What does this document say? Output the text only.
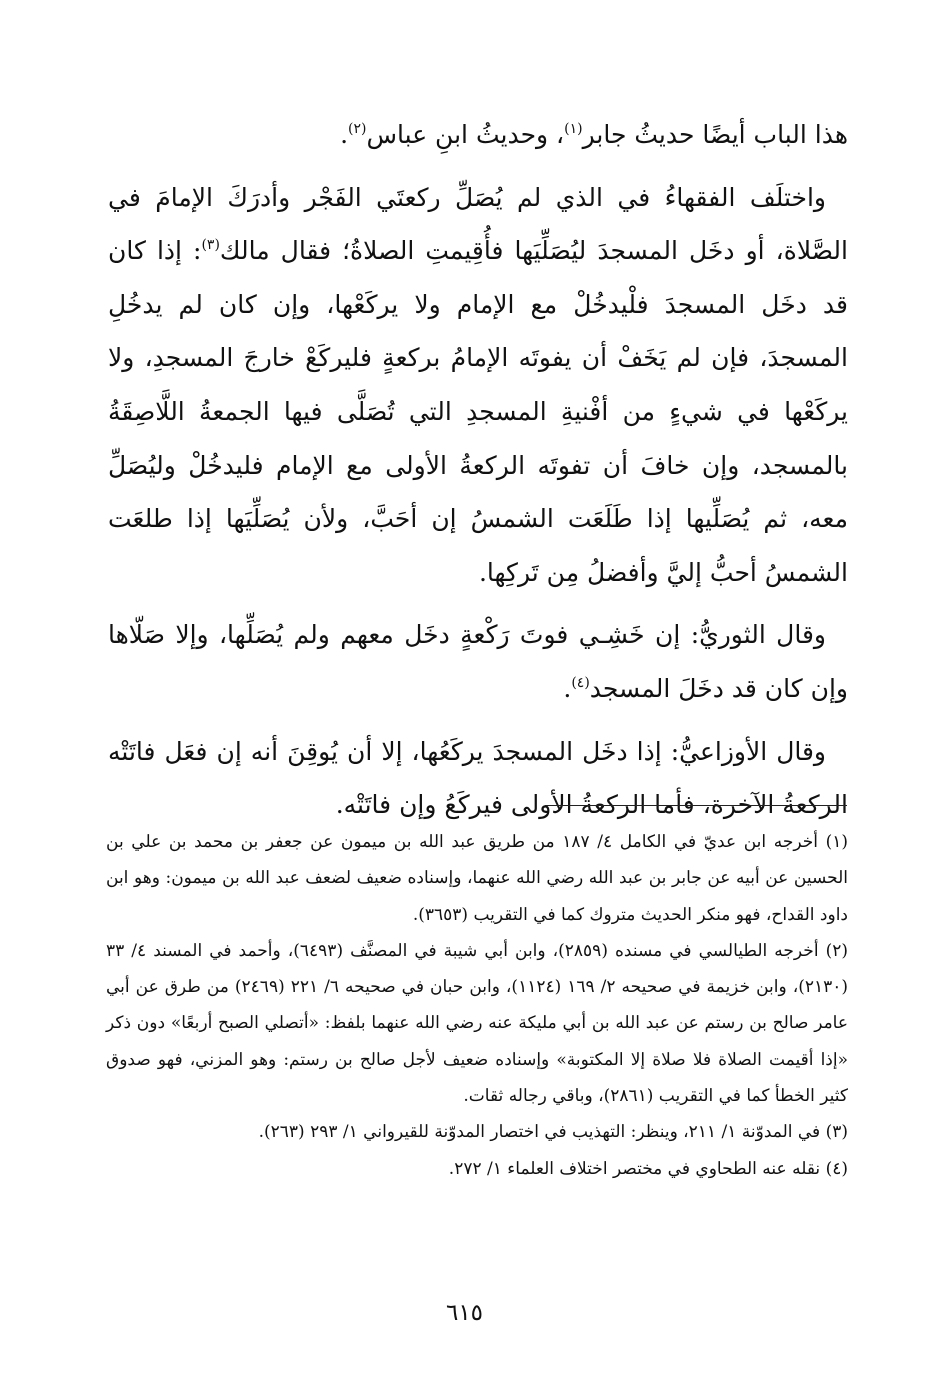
هذا الباب أيضًا حديثُ جابر$^{(١)}$، وحديثُ ابنِ عباس$^{(٢)}$.

واختلَف الفقهاءُ في الذي لم يُصَلِّ ركعتَي الفَجْر وأدرَكَ الإمامَ في الصَّلاة، أو دخَل المسجدَ ليُصَلِّيَها فأُقِيمتِ الصلاةُ؛ فقال مالك$^{(٣)}$: إذا كان قد دخَل المسجدَ فلْيدخُلْ مع الإمام ولا يركَعْها، وإن كان لم يدخُلِ المسجدَ، فإن لم يَخَفْ أن يفوتَه الإمامُ بركعةٍ فليركَعْ خارجَ المسجدِ، ولا يركَعْها في شيءٍ من أفْنيةِ المسجدِ التي تُصَلَّى فيها الجمعةُ اللَّاصِقَةُ بالمسجد، وإن خافَ أن تفوتَه الركعةُ الأولى مع الإمام فليدخُلْ وليُصَلِّ معه، ثم يُصَلِّيها إذا طَلَعَت الشمسُ إن أحَبَّ، ولأن يُصَلِّيَها إذا طلعَت الشمسُ أحبُّ إليَّ وأفضلُ مِن تَركِها.

وقال الثوريُّ: إن خَشِـي فوتَ رَكْعةٍ دخَل معهم ولم يُصَلِّها، وإلا صَلّاها وإن كان قد دخَلَ المسجد$^{(٤)}$.

وقال الأوزاعيُّ: إذا دخَل المسجدَ يركَعُها، إلا أن يُوقِنَ أنه إن فعَل فاتَتْه الركعةُ الآخرة، فأما الركعةُ الأولى فيركَعُ وإن فاتَتْه.

(١) أخرجه ابن عديّ في الكامل ٤/ ١٨٧ من طريق عبد الله بن ميمون عن جعفر بن محمد بن علي بن الحسين عن أبيه عن جابر بن عبد الله رضي الله عنهما، وإسناده ضعيف لضعف عبد الله بن ميمون: وهو ابن داود القداح، فهو منكر الحديث متروك كما في التقريب (٣٦٥٣).

(٢) أخرجه الطيالسي في مسنده (٢٨٥٩)، وابن أبي شيبة في المصنَّف (٦٤٩٣)، وأحمد في المسند ٤/ ٣٣ (٢١٣٠)، وابن خزيمة في صحيحه ٢/ ١٦٩ (١١٢٤)، وابن حبان في صحيحه ٦/ ٢٢١ (٢٤٦٩) من طرق عن أبي عامر صالح بن رستم عن عبد الله بن أبي مليكة عنه رضي الله عنهما بلفظ: «أتصلي الصبح أربعًا» دون ذكر «إذا أقيمت الصلاة فلا صلاة إلا المكتوبة» وإسناده ضعيف لأجل صالح بن رستم: وهو المزني، فهو صدوق كثير الخطأ كما في التقريب (٢٨٦١)، وباقي رجاله ثقات.

(٣) في المدوّنة ١/ ٢١١، وينظر: التهذيب في اختصار المدوّنة للقيرواني ١/ ٢٩٣ (٢٦٣).

(٤) نقله عنه الطحاوي في مختصر اختلاف العلماء ١/ ٢٧٢.

٦١٥
